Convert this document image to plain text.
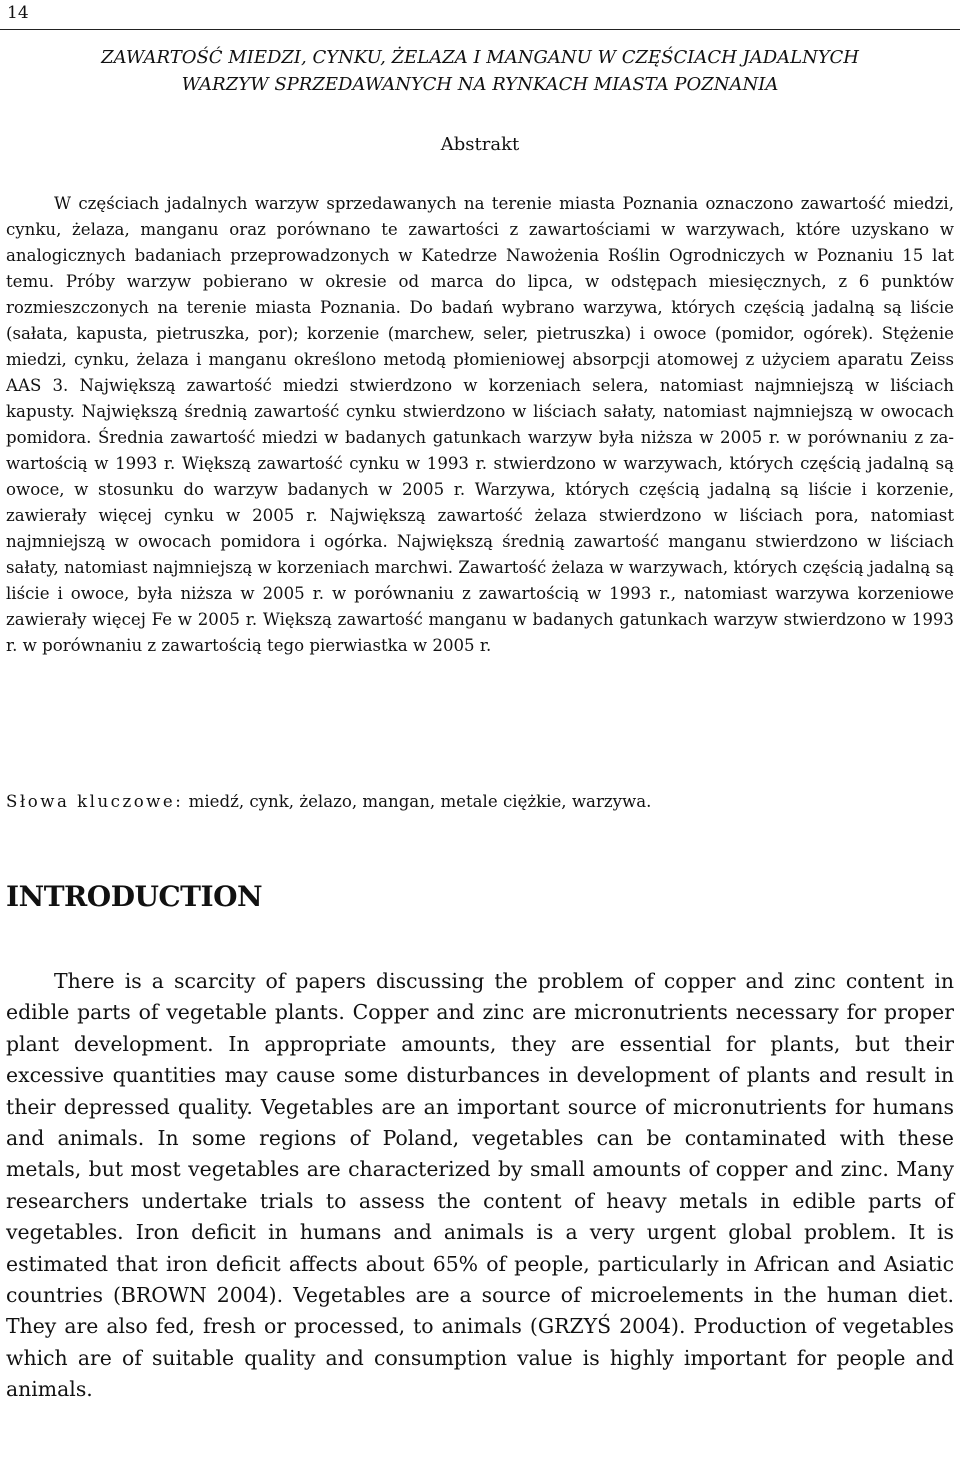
14
ZAWARTOŚĆ MIEDZI, CYNKU, ŻELAZA I MANGANU W CZĘŚCIACH JADALNYCH
WARZYW SPRZEDAWANYCH NA RYNKACH MIASTA POZNANIA
Abstrakt

W częściach jadalnych warzyw sprzedawanych na terenie miasta Poznania oznaczono zawartość miedzi, cynku, żelaza, manganu oraz porównano te zawartości z zawartościami w warzywach, które uzyskano w analogicznych badaniach przeprowadzonych w Katedrze Nawożenia Roślin Ogrodniczych w Poznaniu 15 lat temu. Próby warzyw pobierano w okresie od marca do lipca, w odstępach miesięcznych, z 6 punktów rozmieszczonych na terenie miasta Poznania. Do badań wybrano warzywa, których częścią jadalną są liście (sałata, kapusta, pietruszka, por); korzenie (marchew, seler, pietruszka) i owoce (pomidor, ogórek). Stężenie miedzi, cynku, żelaza i manganu określono metodą płomieniowej absorpcji atomowej z użyciem aparatu Zeiss AAS 3. Największą zawartość miedzi stwierdzono w korzeniach selera, natomiast najmniejszą w liściach kapusty. Największą średnią zawartość cynku stwierdzono w liściach sałaty, natomiast najmniejszą w owocach pomidora. Średnia zawartość miedzi w badanych gatunkach warzyw była niższa w 2005 r. w porównaniu z zawartością w 1993 r. Większą zawartość cynku w 1993 r. stwierdzono w warzywach, których częścią jadalną są owoce, w stosunku do warzyw badanych w 2005 r. Warzywa, których częścią jadalną są liście i korzenie, zawierały więcej cynku w 2005 r. Największą zawartość żelaza stwierdzono w liściach pora, natomiast najmniejszą w owocach pomidora i ogórka. Największą średnią zawartość manganu stwierdzono w liściach sałaty, natomiast najmniejszą w korzeniach marchwi. Zawartość żelaza w warzywach, których częścią jadalną są liście i owoce, była niższa w 2005 r. w porównaniu z zawartością w 1993 r., natomiast warzywa korzeniowe zawierały więcej Fe w 2005 r. Większą zawartość manganu w badanych gatunkach warzyw stwierdzono w 1993 r. w porównaniu z zawartością tego pierwiastka w 2005 r.

Słowa kluczowe: miedź, cynk, żelazo, mangan, metale ciężkie, warzywa.

INTRODUCTION

There is a scarcity of papers discussing the problem of copper and zinc content in edible parts of vegetable plants. Copper and zinc are micronutrients necessary for proper plant development. In appropriate amounts, they are essential for plants, but their excessive quantities may cause some disturbances in development of plants and result in their depressed quality. Vegetables are an important source of micronutrients for humans and animals. In some regions of Poland, vegetables can be contaminated with these metals, but most vegetables are characterized by small amounts of copper and zinc. Many researchers undertake trials to assess the content of heavy metals in edible parts of vegetables. Iron deficit in humans and animals is a very urgent global problem. It is estimated that iron deficit affects about 65% of people, particularly in African and Asiatic countries (BROWN 2004). Vegetables are a source of microelements in the human diet. They are also fed, fresh or processed, to animals (GRZYŚ 2004). Production of vegetables which are of suitable quality and consumption value is highly important for people and animals.
